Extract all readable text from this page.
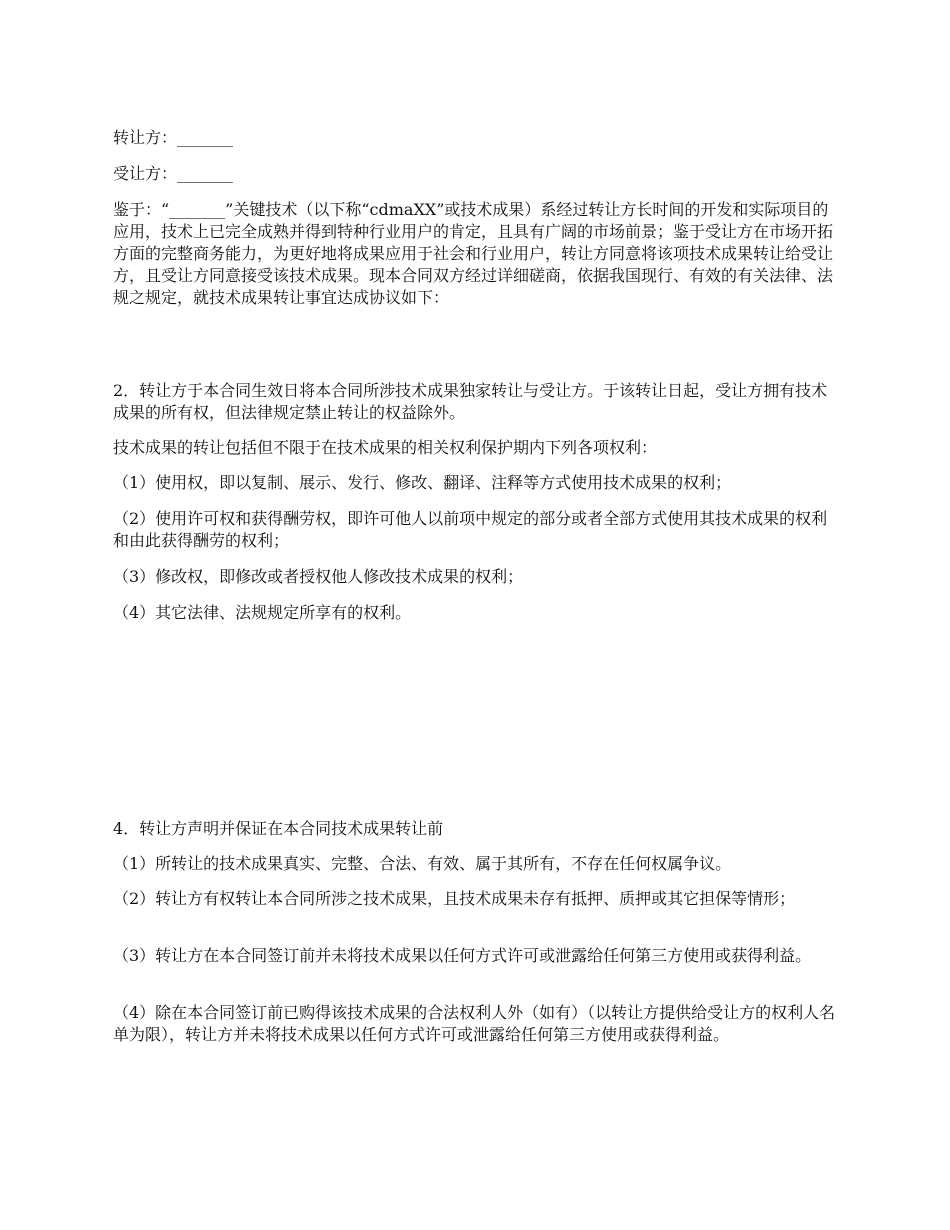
转让方：_______

受让方：_______

鉴于：“_______”关键技术（以下称“cdmaXX”或技术成果）系经过转让方长时间的开发和实际项目的应用，技术上已完全成熟并得到特种行业用户的肯定，且具有广阔的市场前景；鉴于受让方在市场开拓方面的完整商务能力，为更好地将成果应用于社会和行业用户，转让方同意将该项技术成果转让给受让方，且受让方同意接受该技术成果。现本合同双方经过详细磋商，依据我国现行、有效的有关法律、法规之规定，就技术成果转让事宜达成协议如下：

2．转让方于本合同生效日将本合同所涉技术成果独家转让与受让方。于该转让日起，受让方拥有技术成果的所有权，但法律规定禁止转让的权益除外。

技术成果的转让包括但不限于在技术成果的相关权利保护期内下列各项权利：

（1）使用权，即以复制、展示、发行、修改、翻译、注释等方式使用技术成果的权利；

（2）使用许可权和获得酬劳权，即许可他人以前项中规定的部分或者全部方式使用其技术成果的权利和由此获得酬劳的权利；

（3）修改权，即修改或者授权他人修改技术成果的权利；

（4）其它法律、法规规定所享有的权利。

4．转让方声明并保证在本合同技术成果转让前

（1）所转让的技术成果真实、完整、合法、有效、属于其所有，不存在任何权属争议。

（2）转让方有权转让本合同所涉之技术成果，且技术成果未存有抵押、质押或其它担保等情形；

（3）转让方在本合同签订前并未将技术成果以任何方式许可或泄露给任何第三方使用或获得利益。

（4）除在本合同签订前已购得该技术成果的合法权利人外（如有）（以转让方提供给受让方的权利人名单为限），转让方并未将技术成果以任何方式许可或泄露给任何第三方使用或获得利益。
